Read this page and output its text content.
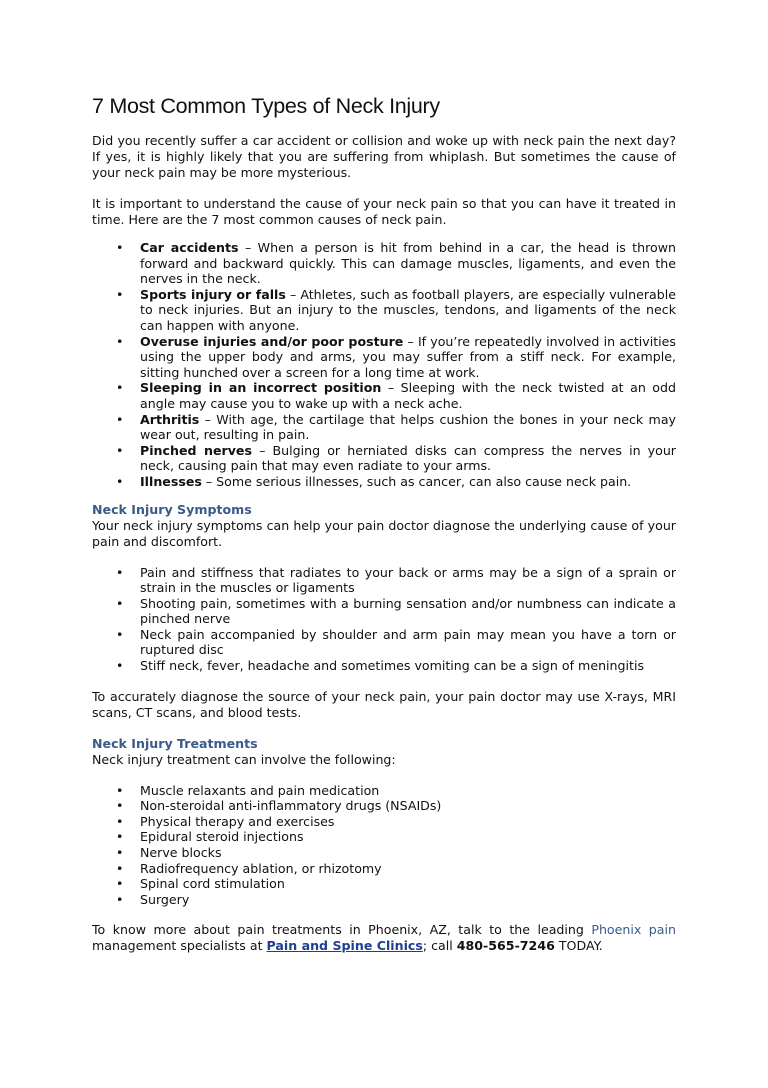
7 Most Common Types of Neck Injury

Did you recently suffer a car accident or collision and woke up with neck pain the next day? If yes, it is highly likely that you are suffering from whiplash. But sometimes the cause of your neck pain may be more mysterious.

It is important to understand the cause of your neck pain so that you can have it treated in time. Here are the 7 most common causes of neck pain.

• Car accidents – When a person is hit from behind in a car, the head is thrown forward and backward quickly. This can damage muscles, ligaments, and even the nerves in the neck.
• Sports injury or falls – Athletes, such as football players, are especially vulnerable to neck injuries. But an injury to the muscles, tendons, and ligaments of the neck can happen with anyone.
• Overuse injuries and/or poor posture – If you’re repeatedly involved in activities using the upper body and arms, you may suffer from a stiff neck. For example, sitting hunched over a screen for a long time at work.
• Sleeping in an incorrect position – Sleeping with the neck twisted at an odd angle may cause you to wake up with a neck ache.
• Arthritis – With age, the cartilage that helps cushion the bones in your neck may wear out, resulting in pain.
• Pinched nerves – Bulging or herniated disks can compress the nerves in your neck, causing pain that may even radiate to your arms.
• Illnesses – Some serious illnesses, such as cancer, can also cause neck pain.

Neck Injury Symptoms

Your neck injury symptoms can help your pain doctor diagnose the underlying cause of your pain and discomfort.

• Pain and stiffness that radiates to your back or arms may be a sign of a sprain or strain in the muscles or ligaments
• Shooting pain, sometimes with a burning sensation and/or numbness can indicate a pinched nerve
• Neck pain accompanied by shoulder and arm pain may mean you have a torn or ruptured disc
• Stiff neck, fever, headache and sometimes vomiting can be a sign of meningitis

To accurately diagnose the source of your neck pain, your pain doctor may use X-rays, MRI scans, CT scans, and blood tests.

Neck Injury Treatments

Neck injury treatment can involve the following:

• Muscle relaxants and pain medication
• Non-steroidal anti-inflammatory drugs (NSAIDs)
• Physical therapy and exercises
• Epidural steroid injections
• Nerve blocks
• Radiofrequency ablation, or rhizotomy
• Spinal cord stimulation
• Surgery

To know more about pain treatments in Phoenix, AZ, talk to the leading Phoenix pain management specialists at Pain and Spine Clinics; call 480-565-7246 TODAY.
